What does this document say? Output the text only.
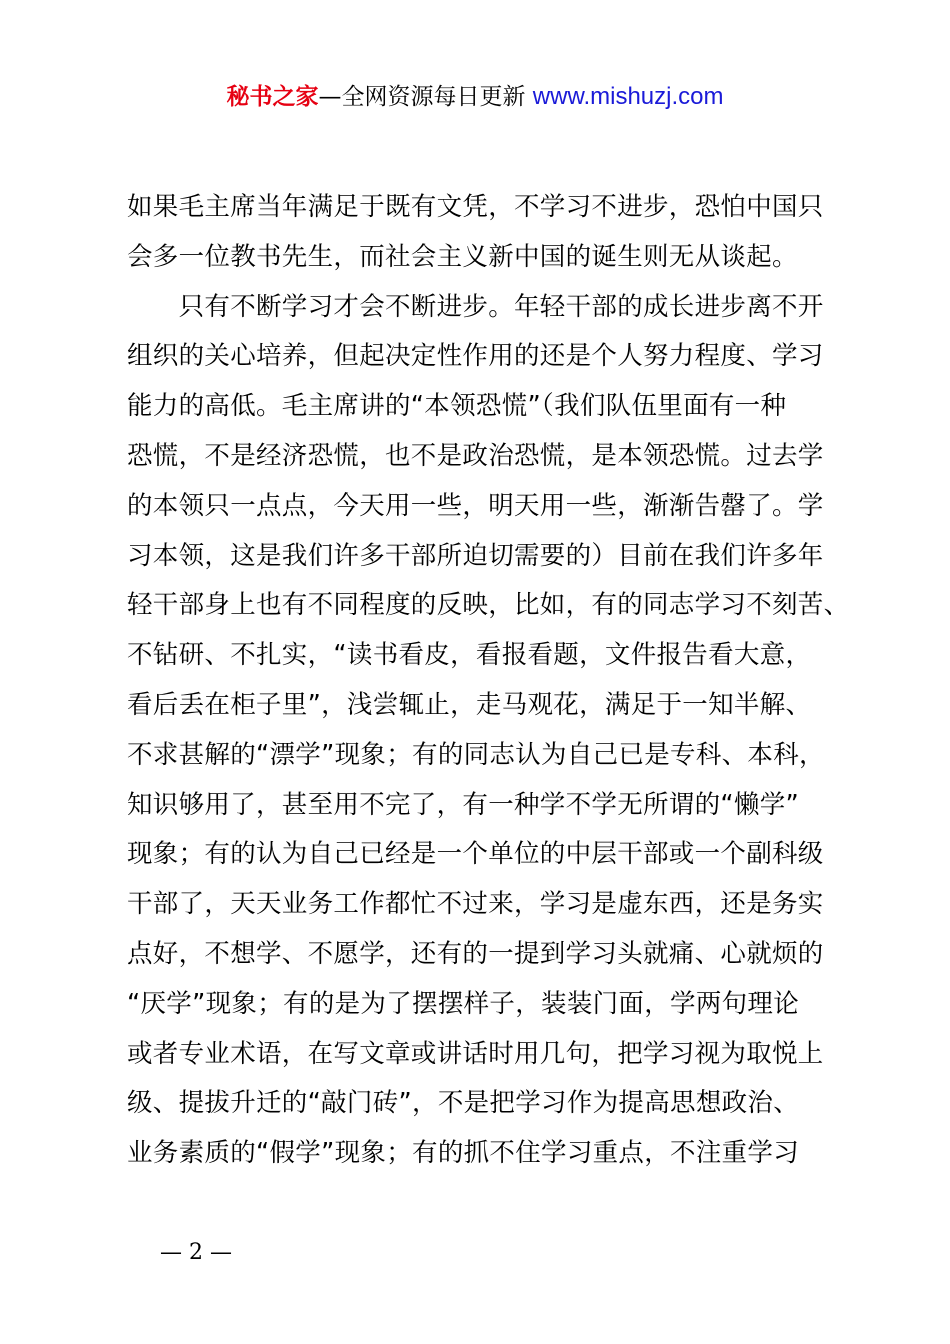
秘书之家—全网资源每日更新 www.mishuzj.com
如果毛主席当年满足于既有文凭，不学习不进步，恐怕中国只
会多一位教书先生，而社会主义新中国的诞生则无从谈起。
　　只有不断学习才会不断进步。年轻干部的成长进步离不开
组织的关心培养，但起决定性作用的还是个人努力程度、学习
能力的高低。毛主席讲的“本领恐慌”（我们队伍里面有一种
恐慌，不是经济恐慌，也不是政治恐慌，是本领恐慌。过去学
的本领只一点点，今天用一些，明天用一些，渐渐告罄了。学
习本领，这是我们许多干部所迫切需要的）目前在我们许多年
轻干部身上也有不同程度的反映，比如，有的同志学习不刻苦、
不钻研、不扎实，“读书看皮，看报看题，文件报告看大意，
看后丢在柜子里”，浅尝辄止，走马观花，满足于一知半解、
不求甚解的“漂学”现象；有的同志认为自己已是专科、本科，
知识够用了，甚至用不完了，有一种学不学无所谓的“懒学”
现象；有的认为自己已经是一个单位的中层干部或一个副科级
干部了，天天业务工作都忙不过来，学习是虚东西，还是务实
点好，不想学、不愿学，还有的一提到学习头就痛、心就烦的
“厌学”现象；有的是为了摆摆样子，装装门面，学两句理论
或者专业术语，在写文章或讲话时用几句，把学习视为取悦上
级、提拔升迁的“敲门砖”，不是把学习作为提高思想政治、
业务素质的“假学”现象；有的抓不住学习重点，不注重学习
— 2 —
